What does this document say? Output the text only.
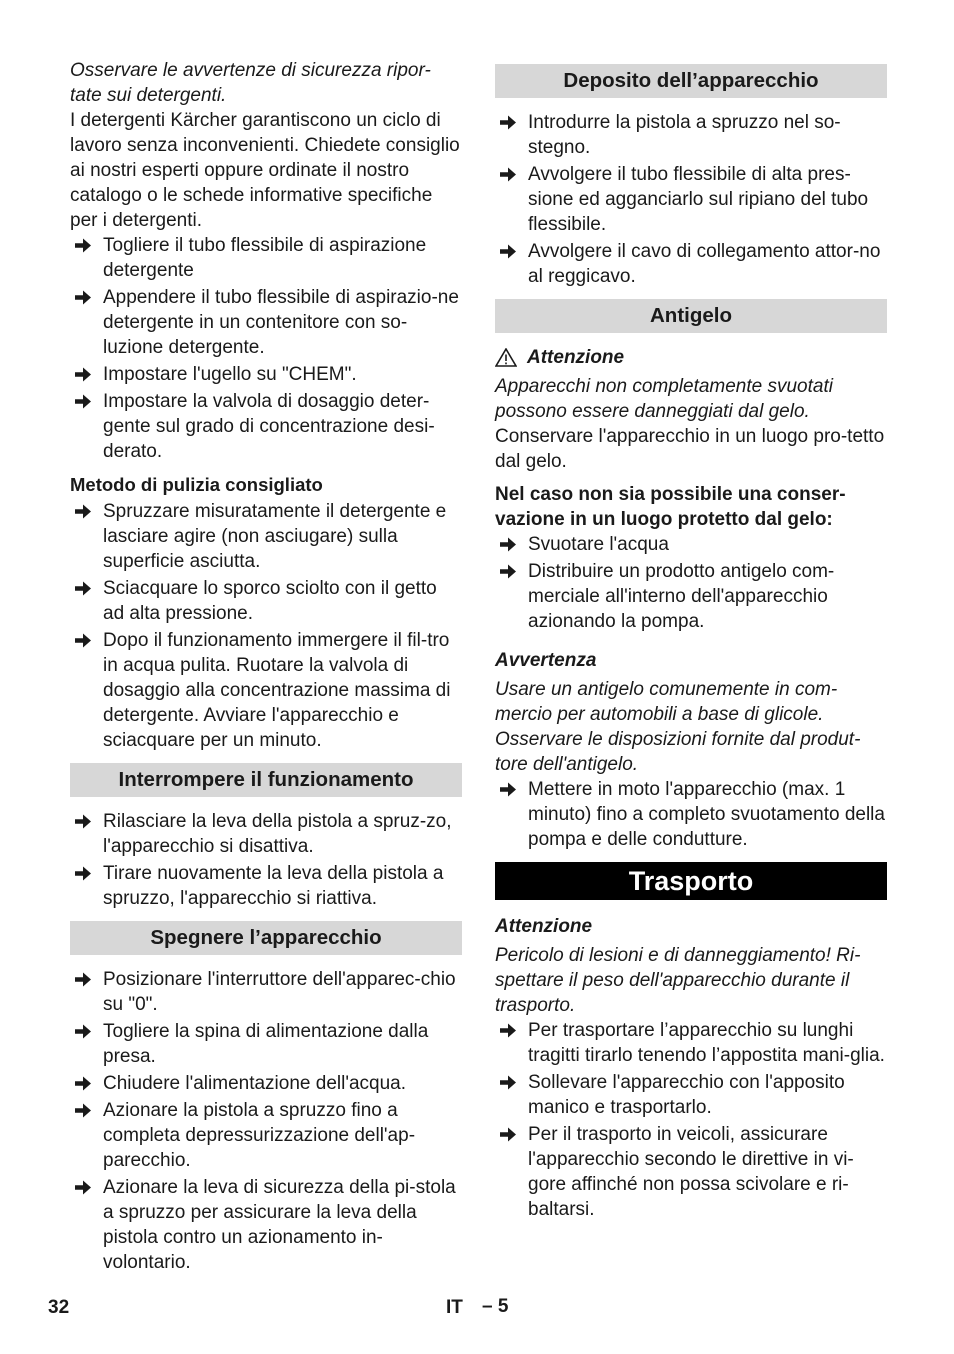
Osservare le avvertenze di sicurezza ripor-

tate sui detergenti.

I detergenti Kärcher garantiscono un ciclo di lavoro senza inconvenienti. Chiedete consiglio ai nostri esperti oppure ordinate il nostro catalogo o le schede informative specifiche per i detergenti.

Togliere il tubo flessibile di aspirazione detergente
Appendere il tubo flessibile di aspirazio-ne detergente in un contenitore con so-luzione detergente.
Impostare l'ugello su "CHEM".
Impostare la valvola di dosaggio deter-gente sul grado di concentrazione desi-derato.

Metodo di pulizia consigliato

Spruzzare misuratamente il detergente e lasciare agire (non asciugare) sulla superficie asciutta.
Sciacquare lo sporco sciolto con il getto ad alta pressione.
Dopo il funzionamento immergere il fil-tro in acqua pulita. Ruotare la valvola di dosaggio alla concentrazione massima di detergente. Avviare l'apparecchio e sciacquare per un minuto.
Interrompere il funzionamento
Rilasciare la leva della pistola a spruz-zo, l'apparecchio si disattiva.
Tirare nuovamente la leva della pistola a spruzzo, l'apparecchio si riattiva.
Spegnere l’apparecchio
Posizionare l'interruttore dell'apparec-chio su "0".
Togliere la spina di alimentazione dalla presa.
Chiudere l'alimentazione dell'acqua.
Azionare la pistola a spruzzo fino a completa depressurizzazione dell'ap-parecchio.
Azionare la leva di sicurezza della pi-stola a spruzzo per assicurare la leva della pistola contro un azionamento in-volontario.
Deposito dell’apparecchio
Introdurre la pistola a spruzzo nel so-stegno.
Avvolgere il tubo flessibile di alta pres-sione ed agganciarlo sul ripiano del tubo flessibile.
Avvolgere il cavo di collegamento attor-no al reggicavo.
Antigelo
Attenzione

Apparecchi non completamente svuotati possono essere danneggiati dal gelo.

Conservare l'apparecchio in un luogo pro-tetto dal gelo.

Nel caso non sia possibile una conser-vazione in un luogo protetto dal gelo:

Svuotare l'acqua
Distribuire un prodotto antigelo com-merciale all'interno dell'apparecchio azionando la pompa.

Avvertenza

Usare un antigelo comunemente in com-mercio per automobili a base di glicole. Osservare le disposizioni fornite dal produt-tore dell'antigelo.

Mettere in moto l'apparecchio (max. 1 minuto) fino a completo svuotamento della pompa e delle condutture.
Trasporto

Attenzione

Pericolo di lesioni e di danneggiamento! Ri-spettare il peso dell'apparecchio durante il trasporto.

Per trasportare l’apparecchio su lunghi tragitti tirarlo tenendo l’appostita mani-glia.
Sollevare l'apparecchio con l'apposito manico e trasportarlo.
Per il trasporto in veicoli, assicurare l'apparecchio secondo le direttive in vi-gore affinché non possa scivolare e ri-baltarsi.
32	IT – 5
